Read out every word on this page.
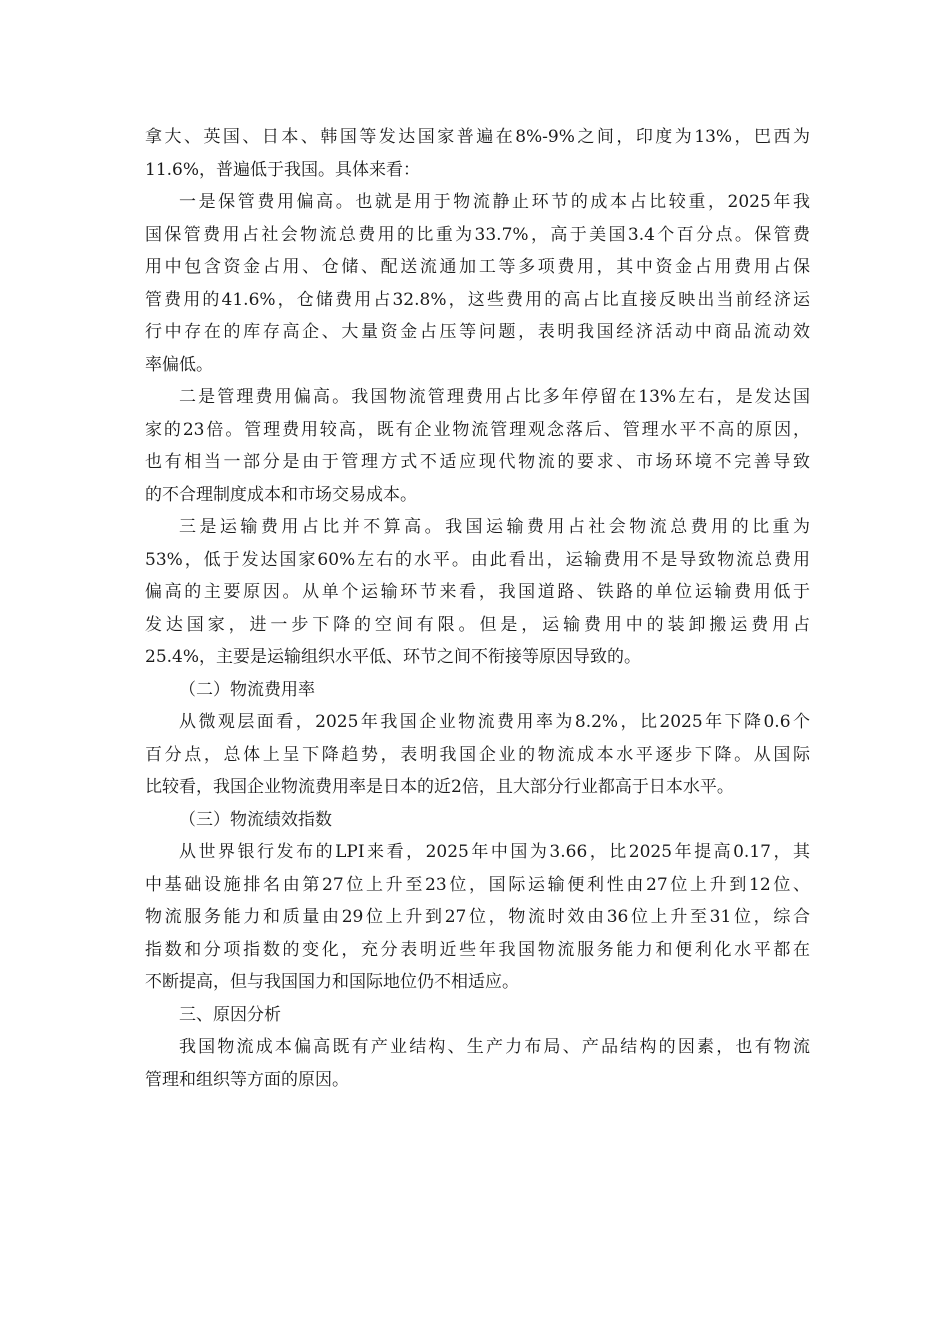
拿大、英国、日本、韩国等发达国家普遍在8%-9%之间，印度为13%，巴西为
11.6%，普遍低于我国。具体来看：
一是保管费用偏高。也就是用于物流静止环节的成本占比较重，2025年我
国保管费用占社会物流总费用的比重为33.7%，高于美国3.4个百分点。保管费
用中包含资金占用、仓储、配送流通加工等多项费用，其中资金占用费用占保
管费用的41.6%，仓储费用占32.8%，这些费用的高占比直接反映出当前经济运
行中存在的库存高企、大量资金占压等问题，表明我国经济活动中商品流动效
率偏低。
二是管理费用偏高。我国物流管理费用占比多年停留在13%左右，是发达国
家的23倍。管理费用较高，既有企业物流管理观念落后、管理水平不高的原因，
也有相当一部分是由于管理方式不适应现代物流的要求、市场环境不完善导致
的不合理制度成本和市场交易成本。
三是运输费用占比并不算高。我国运输费用占社会物流总费用的比重为
53%，低于发达国家60%左右的水平。由此看出，运输费用不是导致物流总费用
偏高的主要原因。从单个运输环节来看，我国道路、铁路的单位运输费用低于
发达国家，进一步下降的空间有限。但是，运输费用中的装卸搬运费用占
25.4%，主要是运输组织水平低、环节之间不衔接等原因导致的。
（二）物流费用率
从微观层面看，2025年我国企业物流费用率为8.2%，比2025年下降0.6个
百分点，总体上呈下降趋势，表明我国企业的物流成本水平逐步下降。从国际
比较看，我国企业物流费用率是日本的近2倍，且大部分行业都高于日本水平。
（三）物流绩效指数
从世界银行发布的LPI来看，2025年中国为3.66，比2025年提高0.17，其
中基础设施排名由第27位上升至23位，国际运输便利性由27位上升到12位、
物流服务能力和质量由29位上升到27位，物流时效由36位上升至31位，综合
指数和分项指数的变化，充分表明近些年我国物流服务能力和便利化水平都在
不断提高，但与我国国力和国际地位仍不相适应。
三、原因分析
我国物流成本偏高既有产业结构、生产力布局、产品结构的因素，也有物流
管理和组织等方面的原因。
